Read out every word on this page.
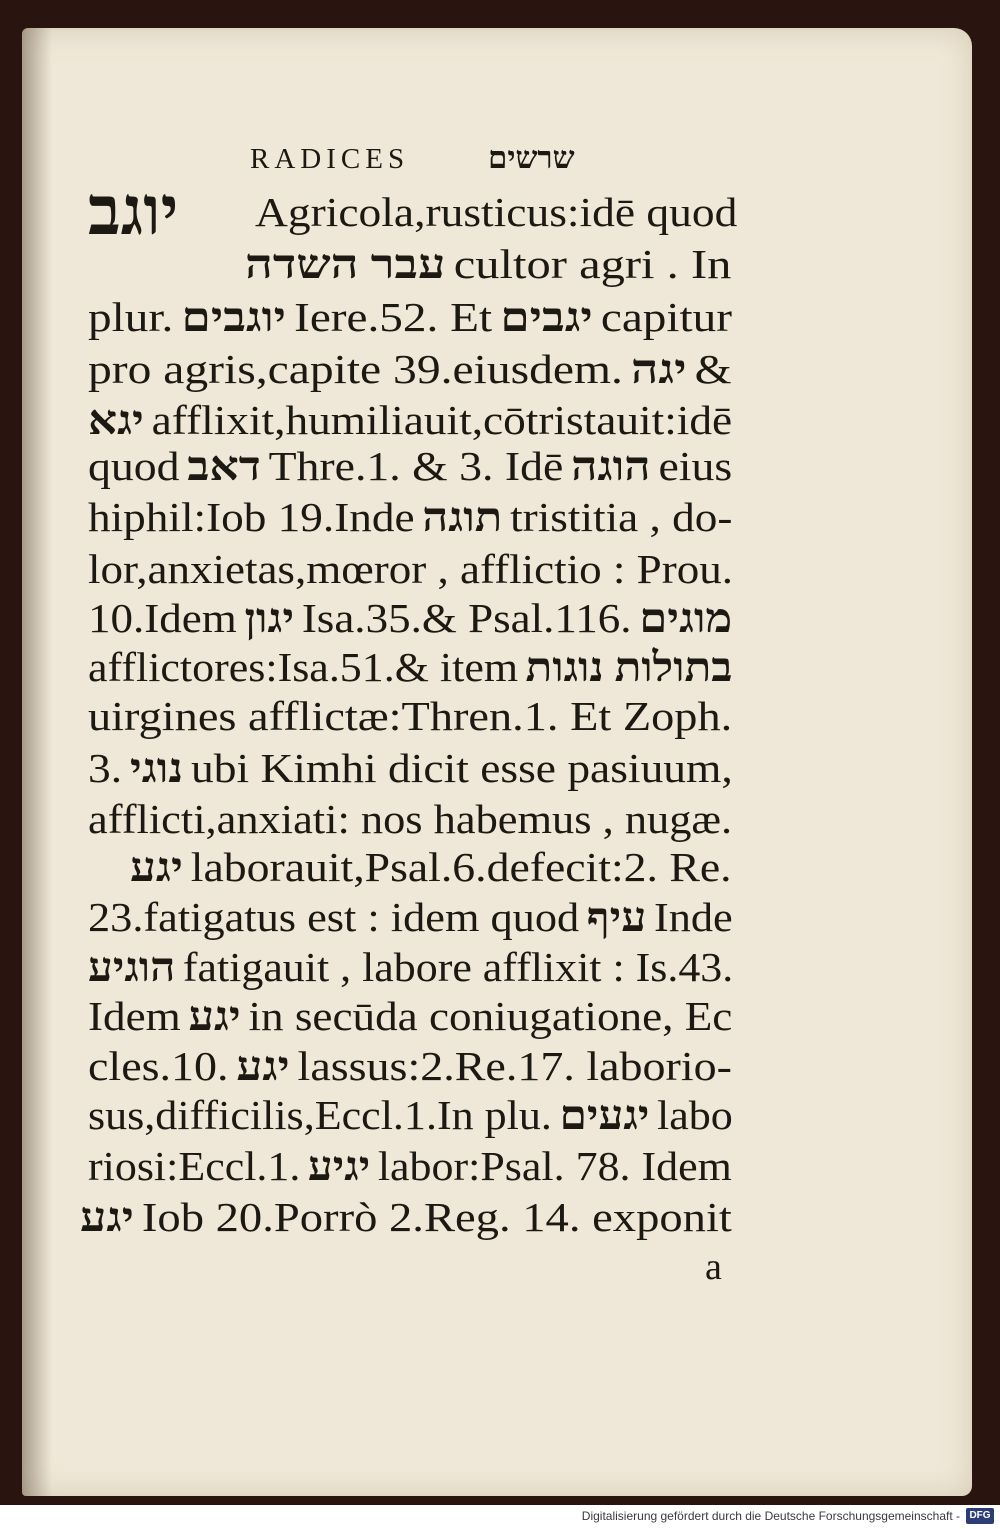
RADICES	שרשים
יוגב Agricola,rusticus:idē quod
עבר השדה cultor agri . In
plur. יוגבים Iere.52. Et יגבים capitur
pro agris,capite 39.eiusdem. יגה &
יגא afflixit,humiliauit,cōtristauit:idē
quod דאב Thre.1. & 3. Idē הוגה eius
hiphil:Iob 19.Inde תוגה tristitia , do-
lor,anxietas,mœror , afflictio : Prou.
10.Idem יגון Isa.35.& Psal.116. מוגים
afflictores:Isa.51.& item בתולות נוגות
uirgines afflictæ:Thren.1. Et Zoph.
3. נוגי ubi Kimhi dicit esse pasiuum,
afflicti,anxiati: nos habemus , nugæ.
יגע laborauit,Psal.6.defecit:2. Re.
23.fatigatus est : idem quod עיף Inde
הוגיע fatigauit , labore afflixit : Is.43.
Idem יגע in secūda coniugatione, Ec
cles.10. יגע lassus:2.Re.17. laborio-
sus,difficilis,Eccl.1.In plu. יגעים labo
riosi:Eccl.1. יגיע labor:Psal. 78. Idem
יגע Iob 20.Porrò 2.Reg. 14. exponit
a
Digitalisierung gefördert durch die Deutsche Forschungsgemeinschaft - DFG
